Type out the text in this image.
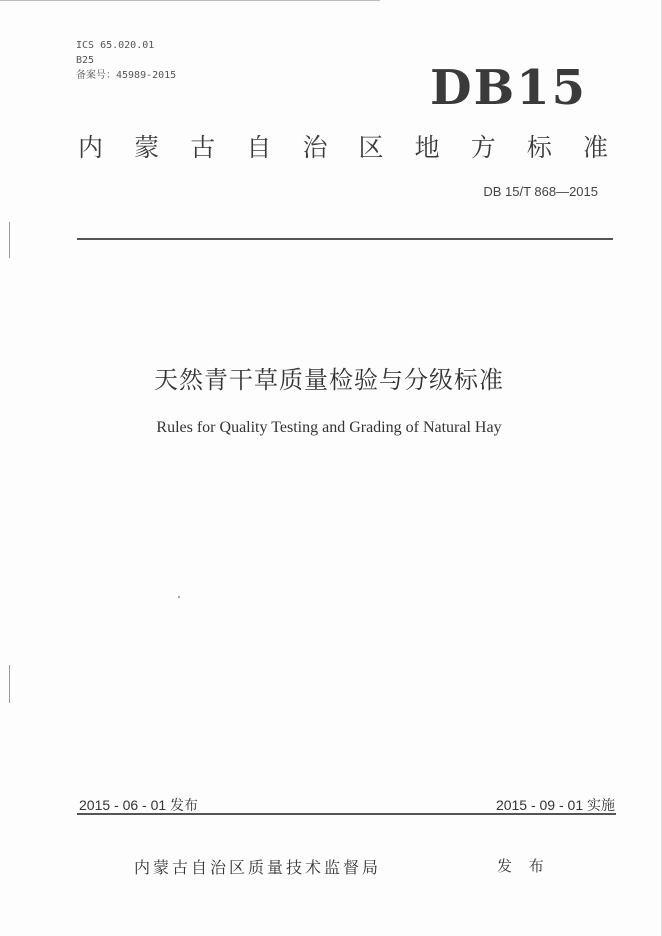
ICS 65.020.01
B25
备案号：45989-2015	DB15
内 蒙 古 自 治 区 地 方 标 准
DB 15/T 868—2015
天然青干草质量检验与分级标准
Rules for Quality Testing and Grading of Natural Hay
2015 - 06 - 01 发布	2015 - 09 - 01 实施
内蒙古自治区质量技术监督局	发 布
